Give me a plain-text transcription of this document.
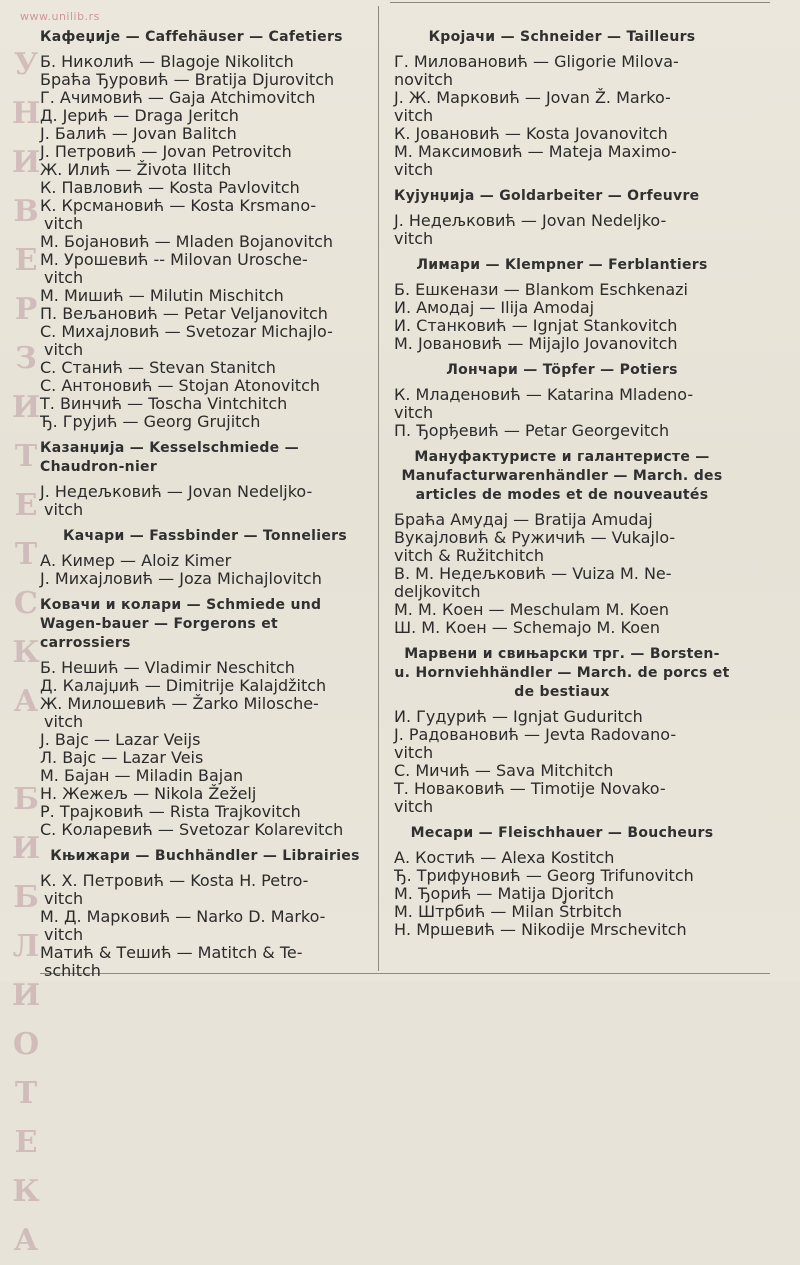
www.unilib.rs
У
Н
И
В
Е
Р
З
И
Т
Е
Т
С
К
А

Б
И
Б
Л
И
О
Т
Е
К
А
Кафеџије — Caffehäuser — Cafetiers
Б. Николић — Blagoje Nikolitch
Браћа Ђуровић — Bratija Djurovitch
Г. Ачимовић — Gaja Atchimovitch
Д. Јерић — Draga Jeritch
Ј. Балић — Jovan Balitch
Ј. Петровић — Jovan Petrovitch
Ж. Илић — Života Ilitch
К. Павловић — Kosta Pavlovitch
К. Крсмановић — Kosta Krsmano-
vitch
М. Бојановић — Mladen Bojanovitch
М. Урошевић -- Milovan Urosche-
vitch
М. Мишић — Milutin Mischitch
П. Вељановић — Petar Veljanovitch
С. Михајловић — Svetozar Michajlo-
vitch
С. Станић — Stevan Stanitch
С. Антоновић — Stojan Atonovitch
Т. Винчић — Toscha Vintchitch
Ђ. Грујић — Georg Grujitch
Казанџија — Kesselschmiede — Chaudron-nier
Ј. Недељковић — Jovan Nedeljko-
vitch
Качари — Fassbinder — Tonneliers
А. Кимер — Aloiz Kimer
Ј. Михајловић — Joza Michajlovitch
Ковачи и колари — Schmiede und Wagen-bauer — Forgerons et carrossiers
Б. Нешић — Vladimir Neschitch
Д. Калајџић — Dimitrije Kalajdžitch
Ж. Милошевић — Žarko Milosche-
vitch
Ј. Вајс — Lazar Veijs
Л. Вајс — Lazar Veis
М. Бајан — Miladin Bajan
Н. Жежељ — Nikola Žeželj
Р. Трајковић — Rista Trajkovitch
С. Коларевић — Svetozar Kolarevitch
Књижари — Buchhändler — Librairies
К. Х. Петровић — Kosta H. Petro-
vitch
М. Д. Марковић — Narko D. Marko-
vitch
Матић & Тешић — Matitch & Te-
schitch
Кројачи — Schneider — Tailleurs
Г. Миловановић — Gligorie Milova-
novitch
Ј. Ж. Марковић — Jovan Ž. Marko-
vitch
К. Јовановић — Kosta Jovanovitch
М. Максимовић — Mateja Maximo-
vitch
Кујунџија — Goldarbeiter — Orfeuvre
Ј. Недељковић — Jovan Nedeljko-
vitch
Лимари — Klempner — Ferblantiers
Б. Ешкенази — Blankom Eschkenazi
И. Амодај — Ilija Amodaj
И. Станковић — Ignjat Stankovitch
М. Јовановић — Mijajlo Jovanovitch
Лончари — Töpfer — Potiers
К. Младеновић — Katarina Mladeno-
vitch
П. Ђорђевић — Petar Georgevitch
Мануфактуристе и галантеристе — Manufacturwarenhändler — March. des articles de modes et de nouveautés
Браћа Амудај — Bratija Amudaj
Вукајловић & Ружичић — Vukajlo-
vitch & Ružitchitch
В. М. Недељковић — Vuiza M. Ne-
deljkovitch
М. М. Коен — Meschulam M. Koen
Ш. М. Коен — Schemajo M. Koen
Марвени и свињарски трг. — Borsten- u. Hornviehhändler — March. de porcs et de bestiaux
И. Гудурић — Ignjat Guduritch
Ј. Радовановић — Jevta Radovano-
vitch
С. Мичић — Sava Mitchitch
Т. Новаковић — Timotije Novako-
vitch
Месари — Fleischhauer — Boucheurs
А. Костић — Alexa Kostitch
Ђ. Трифуновић — Georg Trifunovitch
М. Ђорић — Matija Djoritch
М. Штрбић — Milan Štrbitch
Н. Мршевић — Nikodije Mrschevitch
